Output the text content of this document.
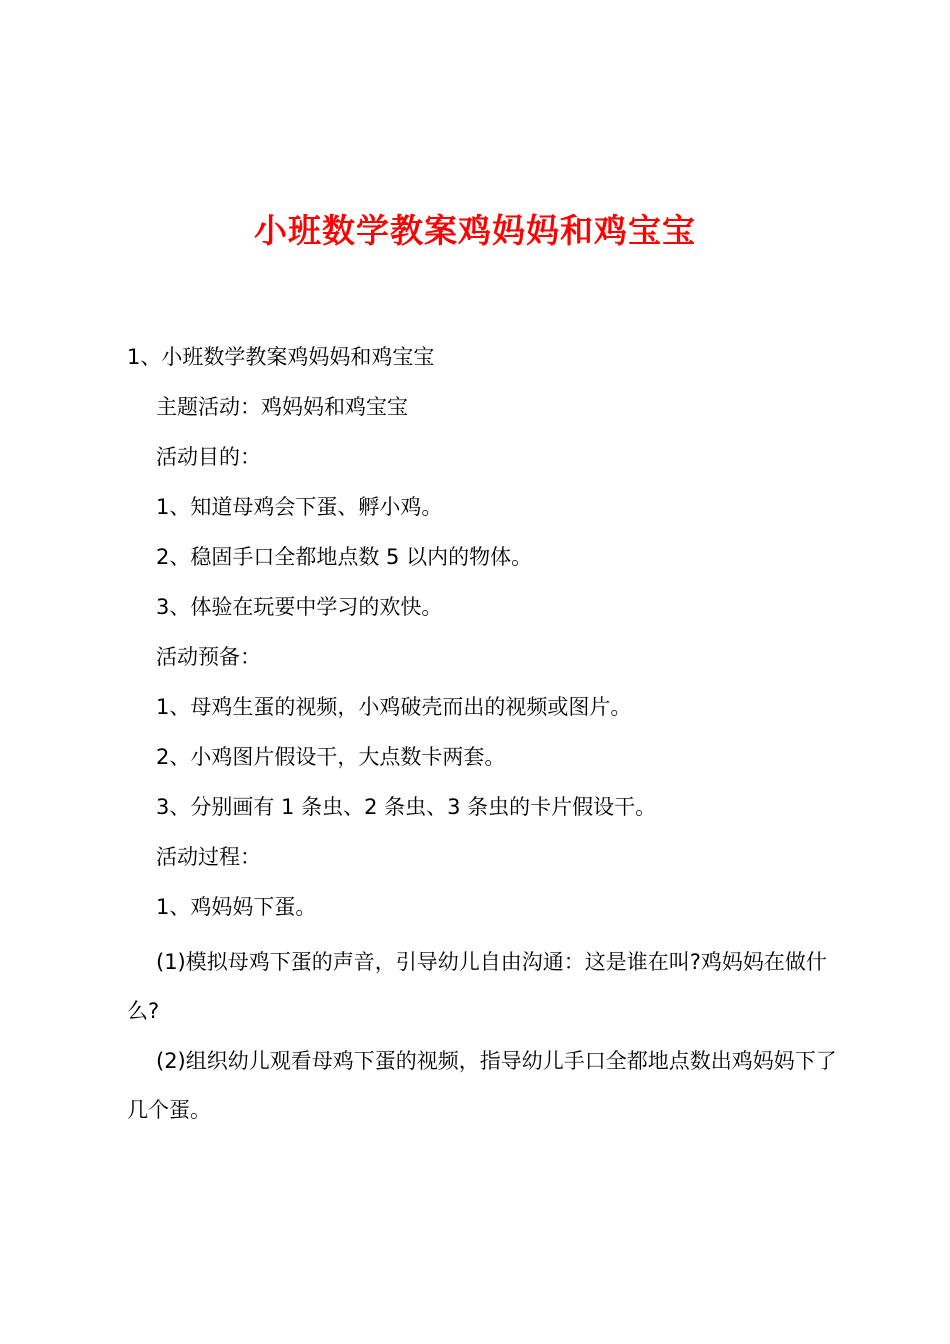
小班数学教案鸡妈妈和鸡宝宝
1、小班数学教案鸡妈妈和鸡宝宝
主题活动：鸡妈妈和鸡宝宝
活动目的：
1、知道母鸡会下蛋、孵小鸡。
2、稳固手口全都地点数 5 以内的物体。
3、体验在玩要中学习的欢快。
活动预备：
1、母鸡生蛋的视频，小鸡破壳而出的视频或图片。
2、小鸡图片假设干，大点数卡两套。
3、分别画有 1 条虫、2 条虫、3 条虫的卡片假设干。
活动过程：
1、鸡妈妈下蛋。
(1)模拟母鸡下蛋的声音，引导幼儿自由沟通：这是谁在叫?鸡妈妈在做什么?
(2)组织幼儿观看母鸡下蛋的视频，指导幼儿手口全都地点数出鸡妈妈下了几个蛋。
